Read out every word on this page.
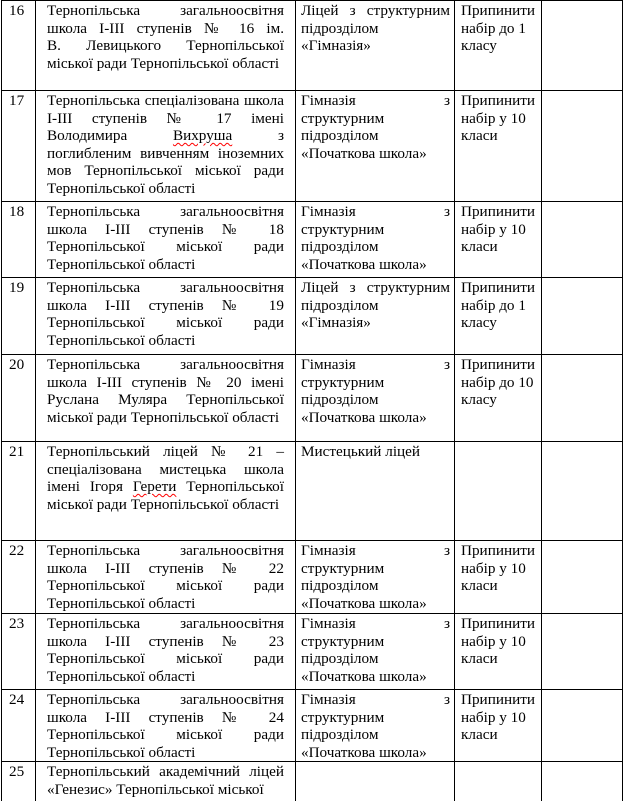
16	Тернопільська загальноосвітня школа І-ІІІ ступенів № 16 ім. В. Левицького Тернопільської міської ради Тернопільської області	Ліцей з структурним підрозділом «Гімназія»	Припинити набір до 1 класу	
17	Тернопільська спеціалізована школа І-ІІІ ступенів № 17 імені Володимира Вихруша з поглибленим вивченням іноземних мов Тернопільської міської ради Тернопільської області	Гімназія з структурним підрозділом «Початкова школа»	Припинити набір у 10 класи	
18	Тернопільська загальноосвітня школа І-ІІІ ступенів № 18 Тернопільської міської ради Тернопільської області	Гімназія з структурним підрозділом «Початкова школа»	Припинити набір у 10 класи	
19	Тернопільська загальноосвітня школа І-ІІІ ступенів № 19 Тернопільської міської ради Тернопільської області	Ліцей з структурним підрозділом «Гімназія»	Припинити набір до 1 класу	
20	Тернопільська загальноосвітня школа І-ІІІ ступенів № 20 імені Руслана Муляра Тернопільської міської ради Тернопільської області	Гімназія з структурним підрозділом «Початкова школа»	Припинити набір до 10 класу	
21	Тернопільський ліцей № 21 – спеціалізована мистецька школа імені Ігоря Герети Тернопільської міської ради Тернопільської області	Мистецький ліцей		
22	Тернопільська загальноосвітня школа І-ІІІ ступенів № 22 Тернопільської міської ради Тернопільської області	Гімназія з структурним підрозділом «Початкова школа»	Припинити набір у 10 класи	
23	Тернопільська загальноосвітня школа І-ІІІ ступенів № 23 Тернопільської міської ради Тернопільської області	Гімназія з структурним підрозділом «Початкова школа»	Припинити набір у 10 класи	
24	Тернопільська загальноосвітня школа І-ІІІ ступенів № 24 Тернопільської міської ради Тернопільської області	Гімназія з структурним підрозділом «Початкова школа»	Припинити набір у 10 класи	
25	Тернопільський академічний ліцей «Генезис» Тернопільської міської			
